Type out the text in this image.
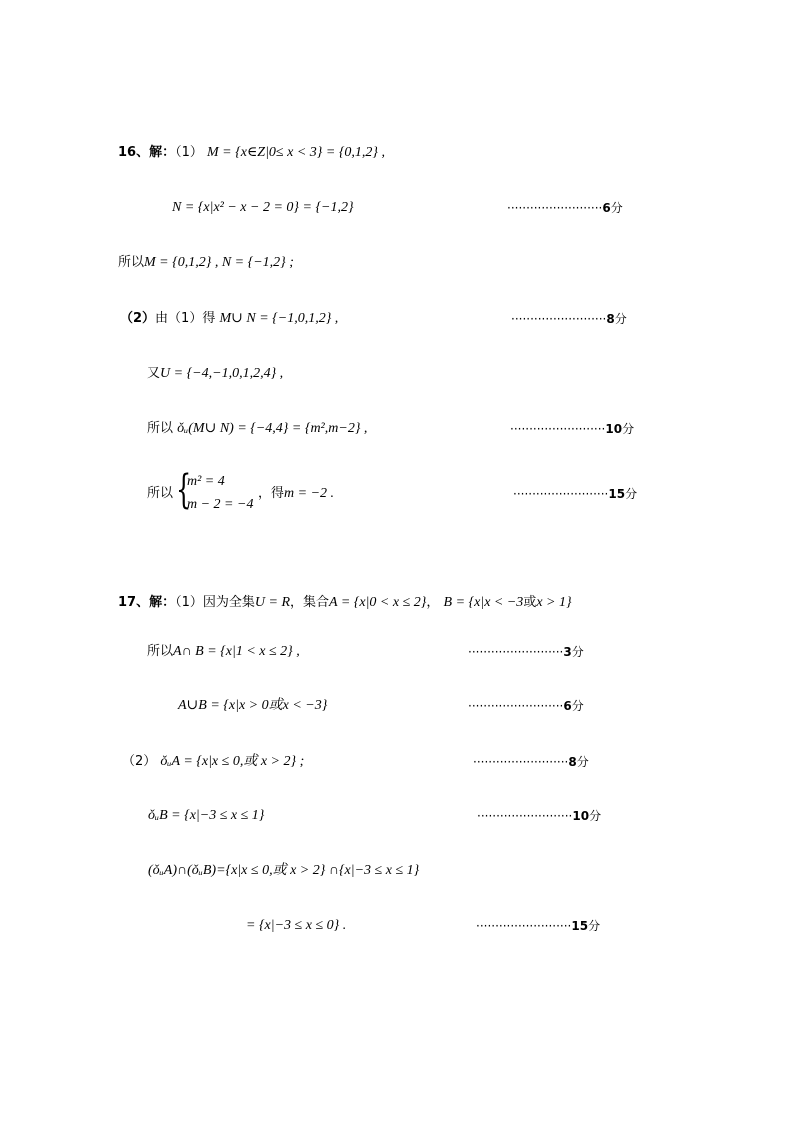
16、解：（1） M = {x∈Z|0≤ x < 3} = {0,1,2} ,
N = {x|x² − x − 2 = 0} = {−1,2}	·························6分
所以M = {0,1,2} , N = {−1,2} ;
（2）由（1）得 M∪ N = {−1,0,1,2} ,	·························8分
又U = {−4,−1,0,1,2,4} ,
所以 ǒᵤ(M∪ N) = {−4,4} = {m²,m−2} ,	·························10分
所以 {
m² = 4
m − 2 = −4
，得m = −2 .	·························15分
17、解：（1）因为全集U = R，集合A = {x|0 < x ≤ 2}， B = {x|x < −3或x > 1}
所以A∩ B = {x|1 < x ≤ 2} ,	·························3分
A∪B = {x|x > 0或x < −3}	·························6分
（2） ǒᵤA = {x|x ≤ 0,或 x > 2} ;	·························8分
ǒᵤB = {x|−3 ≤ x ≤ 1}	·························10分
(ǒᵤA)∩(ǒᵤB)={x|x ≤ 0,或 x > 2} ∩{x|−3 ≤ x ≤ 1}
= {x|−3 ≤ x ≤ 0} .	·························15分
